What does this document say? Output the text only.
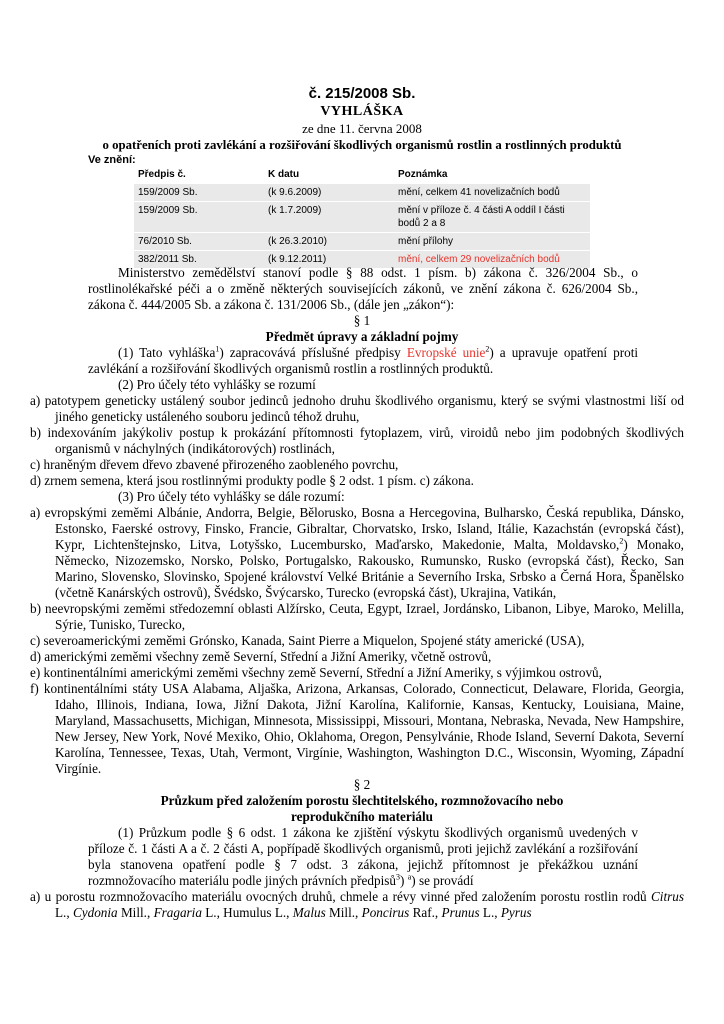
č. 215/2008 Sb.
VYHLÁŠKA
ze dne 11. června 2008
o opatřeních proti zavlékání a rozšiřování škodlivých organismů rostlin a rostlinných produktů
Ve znění:
Předpis č.	K datu	Poznámka
159/2009 Sb.	(k 9.6.2009)	mění, celkem 41 novelizačních bodů
159/2009 Sb.	(k 1.7.2009)	mění v příloze č. 4 části A oddíl I části bodů 2 a 8
76/2010 Sb.	(k 26.3.2010)	mění přílohy
382/2011 Sb.	(k 9.12.2011)	mění, celkem 29 novelizačních bodů
Ministerstvo zemědělství stanoví podle § 88 odst. 1 písm. b) zákona č. 326/2004 Sb., o rostlinolékařské péči a o změně některých souvisejících zákonů, ve znění zákona č. 626/2004 Sb., zákona č. 444/2005 Sb. a zákona č. 131/2006 Sb., (dále jen „zákon“):
§ 1
Předmět úpravy a základní pojmy
(1) Tato vyhláška$^1$) zapracovává příslušné předpisy Evropské unie$^2$) a upravuje opatření proti zavlékání a rozšiřování škodlivých organismů rostlin a rostlinných produktů.
(2) Pro účely této vyhlášky se rozumí

a) patotypem geneticky ustálený soubor jedinců jednoho druhu škodlivého organismu, který se svými vlastnostmi liší od jiného geneticky ustáleného souboru jedinců téhož druhu,

b) indexováním jakýkoliv postup k prokázání přítomnosti fytoplazem, virů, viroidů nebo jim podobných škodlivých organismů v náchylných (indikátorových) rostlinách,

c) hraněným dřevem dřevo zbavené přirozeného zaobleného povrchu,

d) zrnem semena, která jsou rostlinnými produkty podle § 2 odst. 1 písm. c) zákona.

(3) Pro účely této vyhlášky se dále rozumí:

a) evropskými zeměmi Albánie, Andorra, Belgie, Bělorusko, Bosna a Hercegovina, Bulharsko, Česká republika, Dánsko, Estonsko, Faerské ostrovy, Finsko, Francie, Gibraltar, Chorvatsko, Irsko, Island, Itálie, Kazachstán (evropská část), Kypr, Lichtenštejnsko, Litva, Lotyšsko, Lucembursko, Maďarsko, Makedonie, Malta, Moldavsko,$^2$) Monako, Německo, Nizozemsko, Norsko, Polsko, Portugalsko, Rakousko, Rumunsko, Rusko (evropská část), Řecko, San Marino, Slovensko, Slovinsko, Spojené království Velké Británie a Severního Irska, Srbsko a Černá Hora, Španělsko (včetně Kanárských ostrovů), Švédsko, Švýcarsko, Turecko (evropská část), Ukrajina, Vatikán,

b) neevropskými zeměmi středozemní oblasti Alžírsko, Ceuta, Egypt, Izrael, Jordánsko, Libanon, Libye, Maroko, Melilla, Sýrie, Tunisko, Turecko,

c) severoamerickými zeměmi Grónsko, Kanada, Saint Pierre a Miquelon, Spojené státy americké (USA),

d) americkými zeměmi všechny země Severní, Střední a Jižní Ameriky, včetně ostrovů,

e) kontinentálními americkými zeměmi všechny země Severní, Střední a Jižní Ameriky, s výjimkou ostrovů,

f) kontinentálními státy USA Alabama, Aljaška, Arizona, Arkansas, Colorado, Connecticut, Delaware, Florida, Georgia, Idaho, Illinois, Indiana, Iowa, Jižní Dakota, Jižní Karolína, Kalifornie, Kansas, Kentucky, Louisiana, Maine, Maryland, Massachusetts, Michigan, Minnesota, Mississippi, Missouri, Montana, Nebraska, Nevada, New Hampshire, New Jersey, New York, Nové Mexiko, Ohio, Oklahoma, Oregon, Pensylvánie, Rhode Island, Severní Dakota, Severní Karolína, Tennessee, Texas, Utah, Vermont, Virgínie, Washington, Washington D.C., Wisconsin, Wyoming, Západní Virgínie.

§ 2
Průzkum před založením porostu šlechtitelského, rozmnožovacího nebo reprodukčního materiálu
(1) Průzkum podle § 6 odst. 1 zákona ke zjištění výskytu škodlivých organismů uvedených v příloze č. 1 části A a č. 2 části A, popřípadě škodlivých organismů, proti jejichž zavlékání a rozšiřování byla stanovena opatření podle § 7 odst. 3 zákona, jejichž přítomnost je překážkou uznání rozmnožovacího materiálu podle jiných právních předpisů$^3$) $^a$) se provádí

a) u porostu rozmnožovacího materiálu ovocných druhů, chmele a révy vinné před založením porostu rostlin rodů Citrus L., Cydonia Mill., Fragaria L., Humulus L., Malus Mill., Poncirus Raf., Prunus L., Pyrus
